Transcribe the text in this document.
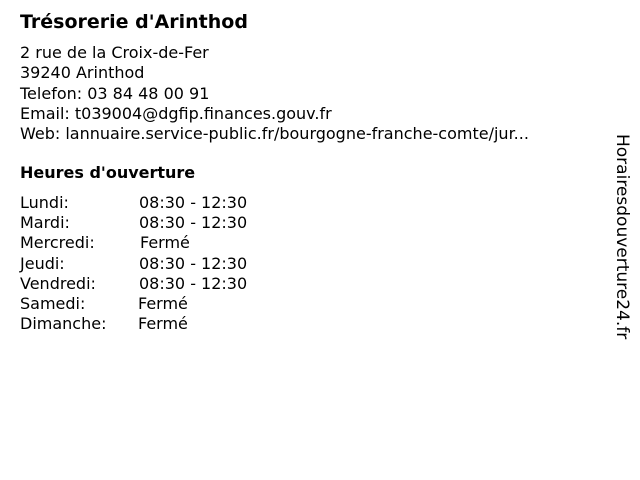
Trésorerie d'Arinthod
2 rue de la Croix-de-Fer
39240 Arinthod
Telefon: 03 84 48 00 91
Email: t039004@dgfip.finances.gouv.fr
Web: lannuaire.service-public.fr/bourgogne-franche-comte/jur...
Heures d'ouverture
Lundi:	08:30 - 12:30
Mardi:	08:30 - 12:30
Mercredi:	Fermé
Jeudi:	08:30 - 12:30
Vendredi:	08:30 - 12:30
Samedi:	Fermé
Dimanche: Fermé	Horairesdouverture24.fr
